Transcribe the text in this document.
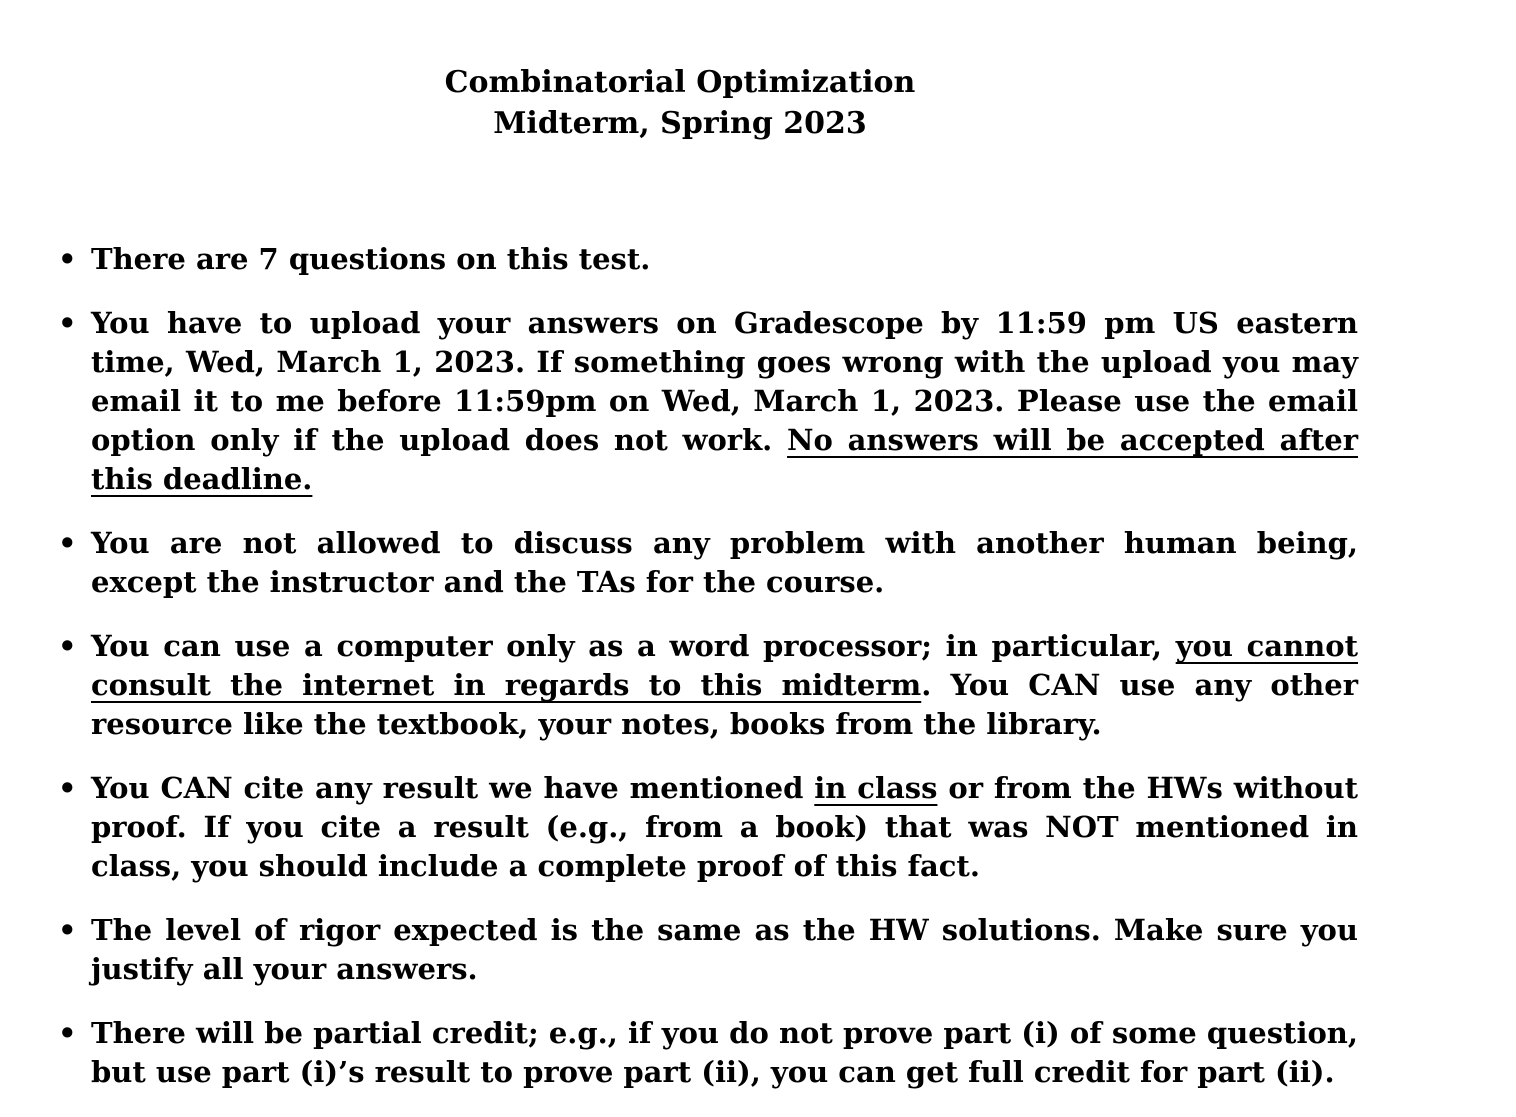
Combinatorial Optimization
Midterm, Spring 2023
• There are 7 questions on this test.
• You have to upload your answers on Gradescope by 11:59 pm US eastern time, Wed, March 1, 2023. If something goes wrong with the upload you may email it to me before 11:59pm on Wed, March 1, 2023. Please use the email option only if the upload does not work. No answers will be accepted after this deadline.
• You are not allowed to discuss any problem with another human being, except the instructor and the TAs for the course.
• You can use a computer only as a word processor; in particular, you cannot consult the internet in regards to this midterm. You CAN use any other resource like the textbook, your notes, books from the library.
• You CAN cite any result we have mentioned in class or from the HWs without proof. If you cite a result (e.g., from a book) that was NOT mentioned in class, you should include a complete proof of this fact.
• The level of rigor expected is the same as the HW solutions. Make sure you justify all your answers.
• There will be partial credit; e.g., if you do not prove part (i) of some question, but use part (i)’s result to prove part (ii), you can get full credit for part (ii).
